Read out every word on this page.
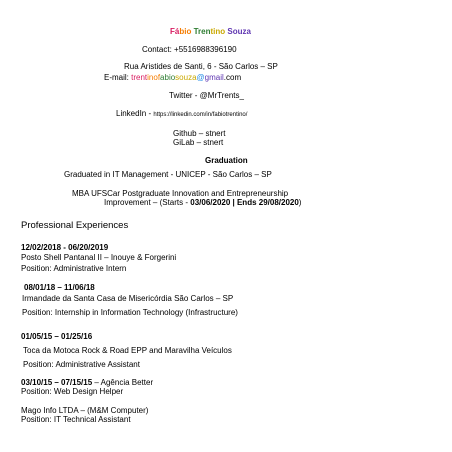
Fábio Trentino Souza
Contact: +5516988396190
Rua Aristides de Santi, 6 - São Carlos – SP
E-mail: trentinofabiosouza@gmail.com
Twitter - @MrTrents_
LinkedIn - https://linkedin.com/in/fabiotrentino/
Github – stnert
GiLab – stnert
Graduation
Graduated in IT Management - UNICEP - São Carlos – SP
MBA UFSCar Postgraduate Innovation and Entrepreneurship
Improvement – (Starts - 03/06/2020 | Ends 29/08/2020)
Professional Experiences
12/02/2018 - 06/20/2019
Posto Shell Pantanal II – Inouye & Forgerini
Position: Administrative Intern
08/01/18 – 11/06/18
Irmandade da Santa Casa de Misericórdia São Carlos – SP
Position: Internship in Information Technology (Infrastructure)
01/05/15 – 01/25/16
Toca da Motoca Rock & Road EPP and Maravilha Veículos
Position: Administrative Assistant
03/10/15 – 07/15/15 – Agência Better
Position: Web Design Helper
Mago Info LTDA – (M&M Computer)
Position: IT Technical Assistant
